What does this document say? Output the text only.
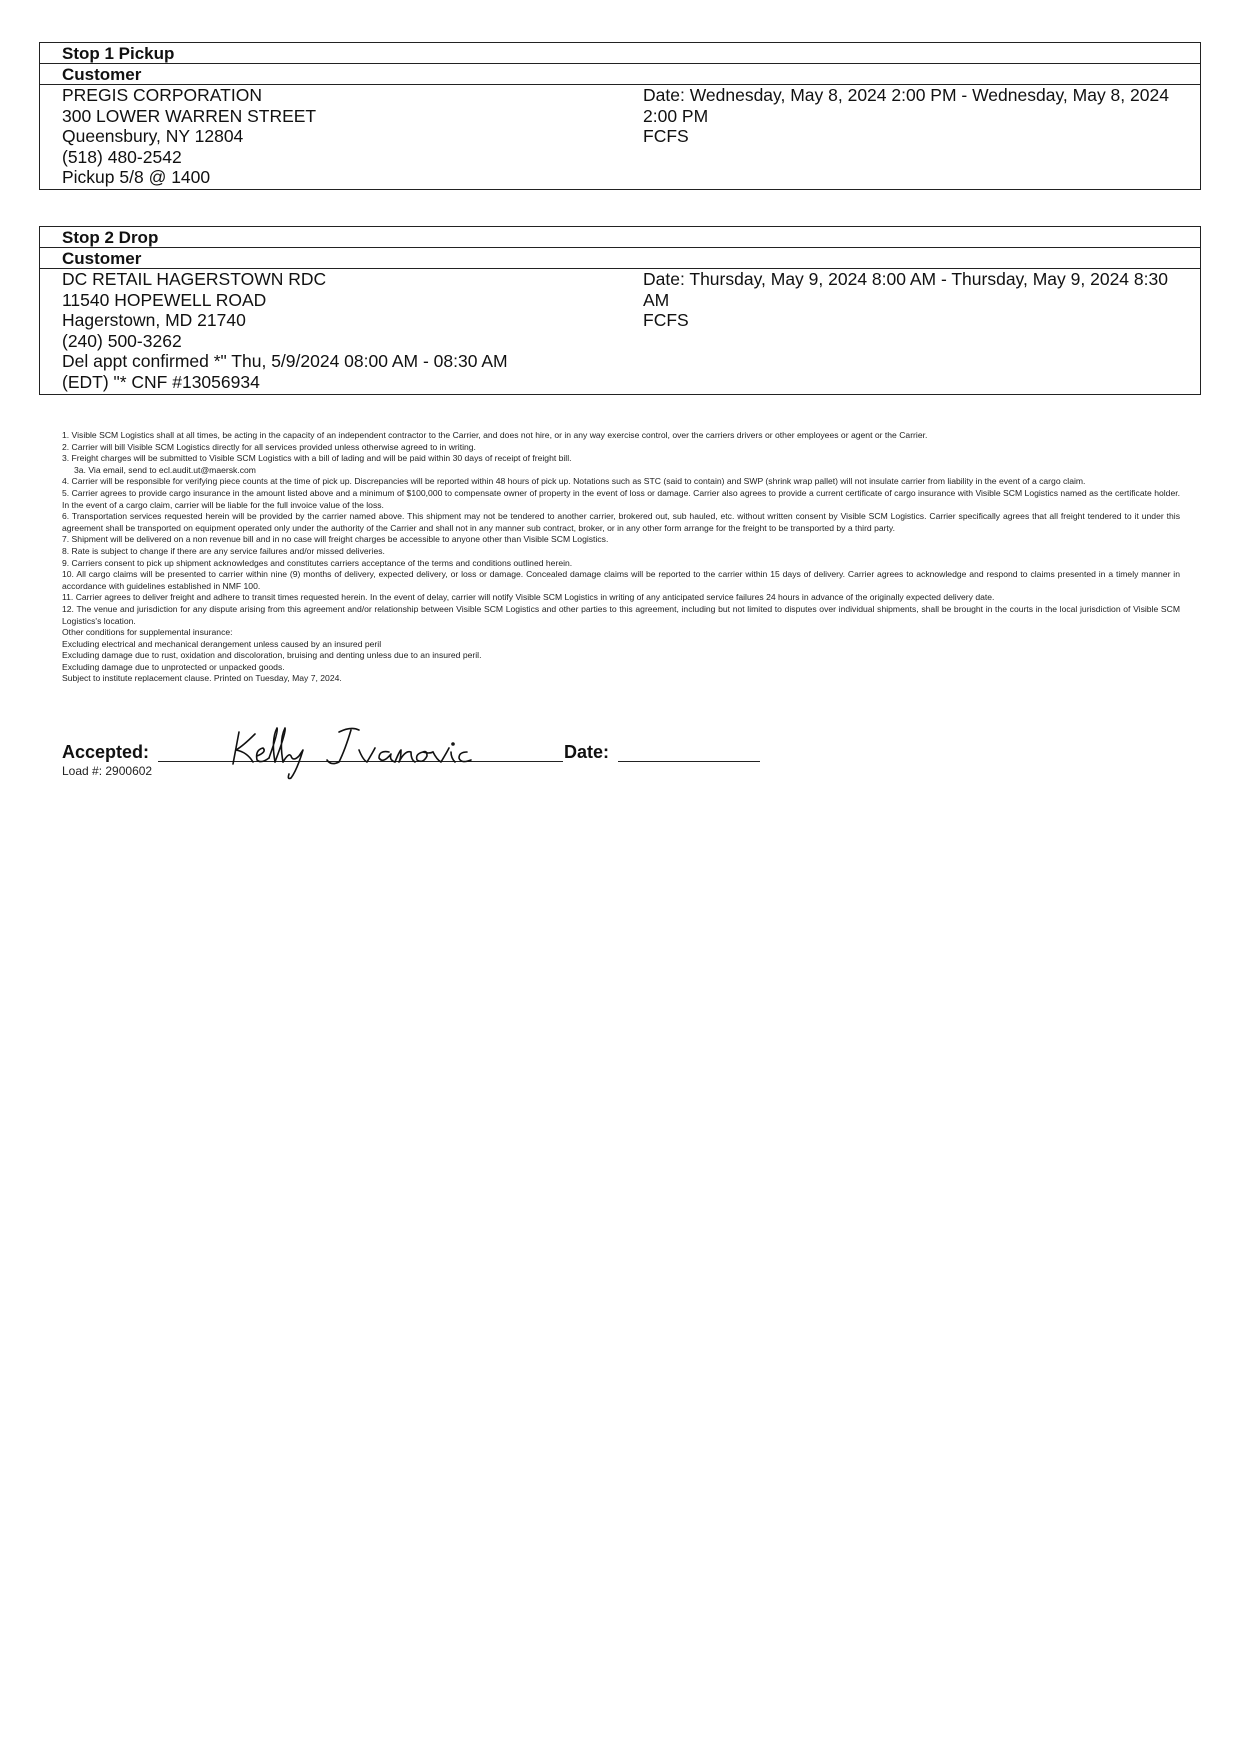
Stop 1 Pickup
Customer
PREGIS CORPORATION
300 LOWER WARREN STREET
Queensbury, NY 12804
(518) 480-2542
Pickup 5/8 @ 1400
Date: Wednesday, May 8, 2024 2:00 PM - Wednesday, May 8, 2024 2:00 PM
FCFS
Stop 2 Drop
Customer
DC RETAIL HAGERSTOWN RDC
11540 HOPEWELL ROAD
Hagerstown, MD 21740
(240) 500-3262
Del appt confirmed *" Thu, 5/9/2024 08:00 AM - 08:30 AM
(EDT) "* CNF #13056934
Date: Thursday, May 9, 2024 8:00 AM - Thursday, May 9, 2024 8:30 AM
FCFS
1. Visible SCM Logistics shall at all times, be acting in the capacity of an independent contractor to the Carrier, and does not hire, or in any way exercise control, over the carriers drivers or other employees or agent or the Carrier.
2. Carrier will bill Visible SCM Logistics directly for all services provided unless otherwise agreed to in writing.
3. Freight charges will be submitted to Visible SCM Logistics with a bill of lading and will be paid within 30 days of receipt of freight bill.
3a. Via email, send to ecl.audit.ut@maersk.com
4. Carrier will be responsible for verifying piece counts at the time of pick up. Discrepancies will be reported within 48 hours of pick up. Notations such as STC (said to contain) and SWP (shrink wrap pallet) will not insulate carrier from liability in the event of a cargo claim.
5. Carrier agrees to provide cargo insurance in the amount listed above and a minimum of $100,000 to compensate owner of property in the event of loss or damage. Carrier also agrees to provide a current certificate of cargo insurance with Visible SCM Logistics named as the certificate holder. In the event of a cargo claim, carrier will be liable for the full invoice value of the loss.
6. Transportation services requested herein will be provided by the carrier named above. This shipment may not be tendered to another carrier, brokered out, sub hauled, etc. without written consent by Visible SCM Logistics. Carrier specifically agrees that all freight tendered to it under this agreement shall be transported on equipment operated only under the authority of the Carrier and shall not in any manner sub contract, broker, or in any other form arrange for the freight to be transported by a third party.
7. Shipment will be delivered on a non revenue bill and in no case will freight charges be accessible to anyone other than Visible SCM Logistics.
8. Rate is subject to change if there are any service failures and/or missed deliveries.
9. Carriers consent to pick up shipment acknowledges and constitutes carriers acceptance of the terms and conditions outlined herein.
10. All cargo claims will be presented to carrier within nine (9) months of delivery, expected delivery, or loss or damage. Concealed damage claims will be reported to the carrier within 15 days of delivery. Carrier agrees to acknowledge and respond to claims presented in a timely manner in accordance with guidelines established in NMF 100.
11. Carrier agrees to deliver freight and adhere to transit times requested herein. In the event of delay, carrier will notify Visible SCM Logistics in writing of any anticipated service failures 24 hours in advance of the originally expected delivery date.
12. The venue and jurisdiction for any dispute arising from this agreement and/or relationship between Visible SCM Logistics and other parties to this agreement, including but not limited to disputes over individual shipments, shall be brought in the courts in the local jurisdiction of Visible SCM Logistics's location.
Other conditions for supplemental insurance:
Excluding electrical and mechanical derangement unless caused by an insured peril
Excluding damage due to rust, oxidation and discoloration, bruising and denting unless due to an insured peril.
Excluding damage due to unprotected or unpacked goods.
Subject to institute replacement clause. Printed on Tuesday, May 7, 2024.
Accepted:	Date:
Load #: 2900602
